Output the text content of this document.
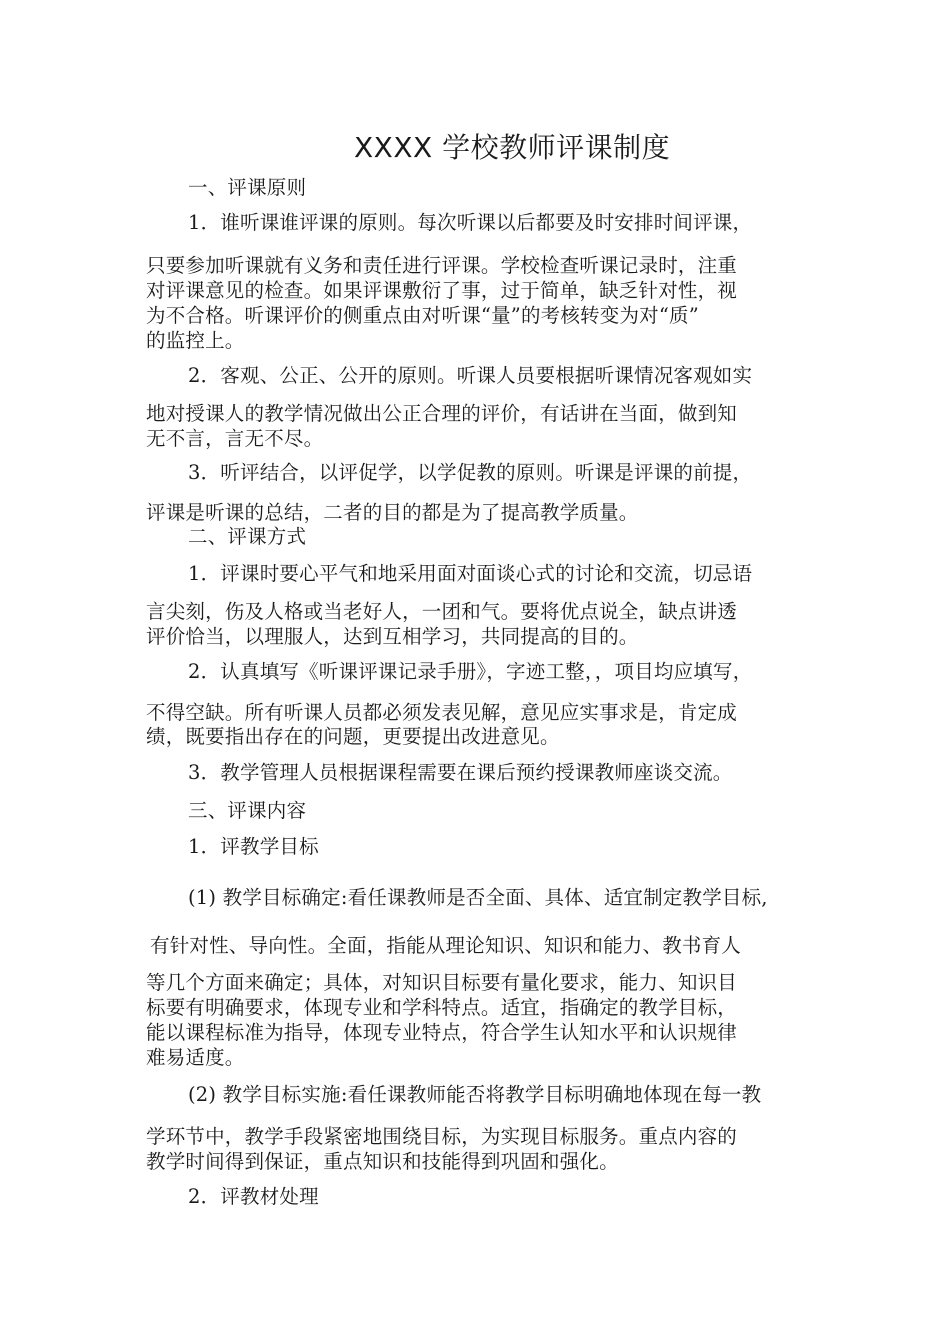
XXXX 学校教师评课制度
一、评课原则
1．谁听课谁评课的原则。每次听课以后都要及时安排时间评课，
只要参加听课就有义务和责任进行评课。学校检查听课记录时，注重
对评课意见的检查。如果评课敷衍了事，过于简单，缺乏针对性，视
为不合格。听课评价的侧重点由对听课“量”的考核转变为对“质”
的监控上。
2．客观、公正、公开的原则。听课人员要根据听课情况客观如实
地对授课人的教学情况做出公正合理的评价，有话讲在当面，做到知
无不言，言无不尽。
3．听评结合，以评促学，以学促教的原则。听课是评课的前提，
评课是听课的总结，二者的目的都是为了提高教学质量。
二、评课方式
1．评课时要心平气和地采用面对面谈心式的讨论和交流，切忌语
言尖刻，伤及人格或当老好人，一团和气。要将优点说全，缺点讲透
评价恰当，以理服人，达到互相学习，共同提高的目的。
2．认真填写《听课评课记录手册》，字迹工整，，项目均应填写，
不得空缺。所有听课人员都必须发表见解，意见应实事求是，肯定成
绩，既要指出存在的问题，更要提出改进意见。
3．教学管理人员根据课程需要在课后预约授课教师座谈交流。
三、评课内容
1．评教学目标
(1) 教学目标确定:看任课教师是否全面、具体、适宜制定教学目标,
有针对性、导向性。全面，指能从理论知识、知识和能力、教书育人
等几个方面来确定；具体，对知识目标要有量化要求，能力、知识目
标要有明确要求，体现专业和学科特点。适宜，指确定的教学目标，
能以课程标准为指导，体现专业特点，符合学生认知水平和认识规律
难易适度。
(2) 教学目标实施:看任课教师能否将教学目标明确地体现在每一教
学环节中，教学手段紧密地围绕目标，为实现目标服务。重点内容的
教学时间得到保证，重点知识和技能得到巩固和强化。
2．评教材处理
